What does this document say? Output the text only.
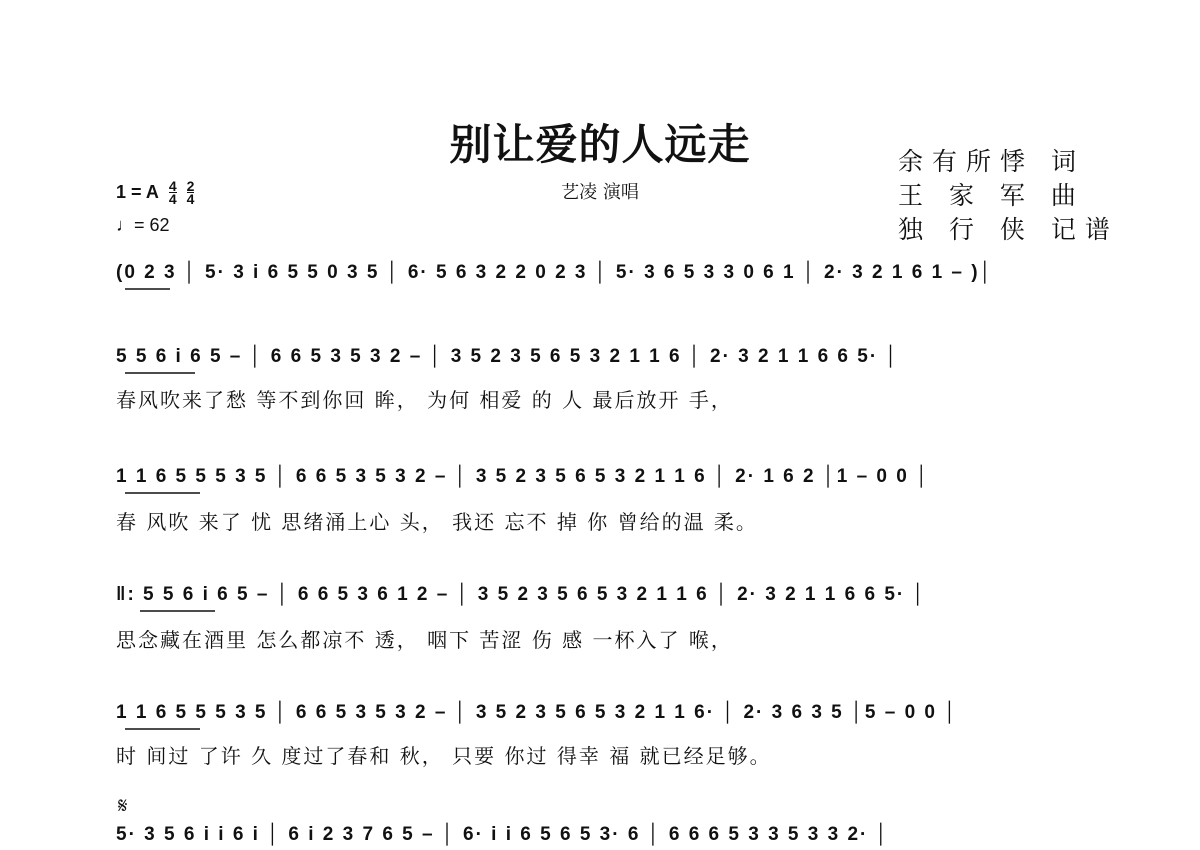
别让爱的人远走
艺凌 演唱
余有所悸 词
王 家 军 曲
独 行 侠 记谱
1 = A $\frac{4}{4} \frac{2}{4}$
♩= 62
(0 2 3 │ 5· 3 i 6 5 5 0 3 5 │ 6· 5 6 3 2 2 0 2 3 │ 5· 3 6 5 3 3 0 6 1 │ 2· 3 2 1 6 1 – )│
5 5 6 i 6 5 – │ 6 6 5 3 5 3 2 – │ 3 5 2 3 5 6 5 3 2 1 1 6 │ 2· 3 2 1 1 6 6 5· │
春风吹来了愁 等不到你回 眸， 为何 相爱 的 人 最后放开 手，
1 1 6 5 5 5 3 5 │ 6 6 5 3 5 3 2 – │ 3 5 2 3 5 6 5 3 2 1 1 6 │ 2· 1 6 2 │1 – 0 0 │
春 风吹 来了 忧 思绪涌上心 头， 我还 忘不 掉 你 曾给的温 柔。
‖: 5 5 6 i 6 5 – │ 6 6 5 3 6 1 2 – │ 3 5 2 3 5 6 5 3 2 1 1 6 │ 2· 3 2 1 1 6 6 5· │
思念藏在酒里 怎么都凉不 透， 咽下 苦涩 伤 感 一杯入了 喉，
1 1 6 5 5 5 3 5 │ 6 6 5 3 5 3 2 – │ 3 5 2 3 5 6 5 3 2 1 1 6· │ 2· 3 6 3 5 │5 – 0 0 │
时 间过 了许 久 度过了春和 秋， 只要 你过 得幸 福 就已经足够。
𝄋
5· 3 5 6 i i 6 i │ 6 i 2 3 7 6 5 – │ 6· i i 6 5 6 5 3· 6 │ 6 6 6 5 3 3 5 3 3 2· │
